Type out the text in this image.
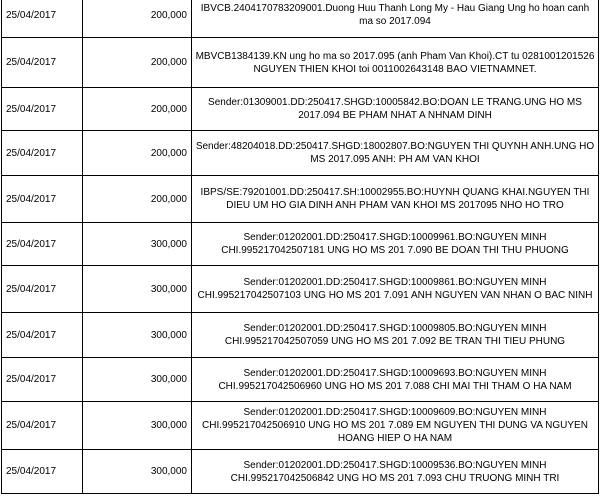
25/04/2017	200,000	IBVCB.2404170783209001.Duong Huu Thanh Long My - Hau Giang Ung ho hoan canh ma so 2017.094
25/04/2017	200,000	MBVCB1384139.KN ung ho ma so 2017.095 (anh Pham Van Khoi).CT tu 0281001201526 NGUYEN THIEN KHOI toi 0011002643148 BAO VIETNAMNET.
25/04/2017	200,000	Sender:01309001.DD:250417.SHGD:10005842.BO:DOAN LE TRANG.UNG HO MS 2017.094 BE PHAM NHAT A NHNAM DINH
25/04/2017	200,000	Sender:48204018.DD:250417.SHGD:18002807.BO:NGUYEN THI QUYNH ANH.UNG HO MS 2017.095 ANH: PH AM VAN KHOI
25/04/2017	200,000	IBPS/SE:79201001.DD:250417.SH:10002955.BO:HUYNH QUANG KHAI.NGUYEN THI DIEU UM HO GIA DINH ANH PHAM VAN KHOI MS 2017095 NHO HO TRO
25/04/2017	300,000	Sender:01202001.DD:250417.SHGD:10009961.BO:NGUYEN MINH CHI.995217042507181 UNG HO MS 201 7.090 BE DOAN THI THU PHUONG
25/04/2017	300,000	Sender:01202001.DD:250417.SHGD:10009861.BO:NGUYEN MINH CHI.995217042507103 UNG HO MS 201 7.091 ANH NGUYEN VAN NHAN O BAC NINH
25/04/2017	300,000	Sender:01202001.DD:250417.SHGD:10009805.BO:NGUYEN MINH CHI.995217042507059 UNG HO MS 201 7.092 BE TRAN THI TIEU PHUNG
25/04/2017	300,000	Sender:01202001.DD:250417.SHGD:10009693.BO:NGUYEN MINH CHI.995217042506960 UNG HO MS 201 7.088 CHI MAI THI THAM O HA NAM
25/04/2017	300,000	Sender:01202001.DD:250417.SHGD:10009609.BO:NGUYEN MINH CHI.995217042506910 UNG HO MS 201 7.089 EM NGUYEN THI DUNG VA NGUYEN HOANG HIEP O HA NAM
25/04/2017	300,000	Sender:01202001.DD:250417.SHGD:10009536.BO:NGUYEN MINH CHI.995217042506842 UNG HO MS 201 7.093 CHU TRUONG MINH TRI
